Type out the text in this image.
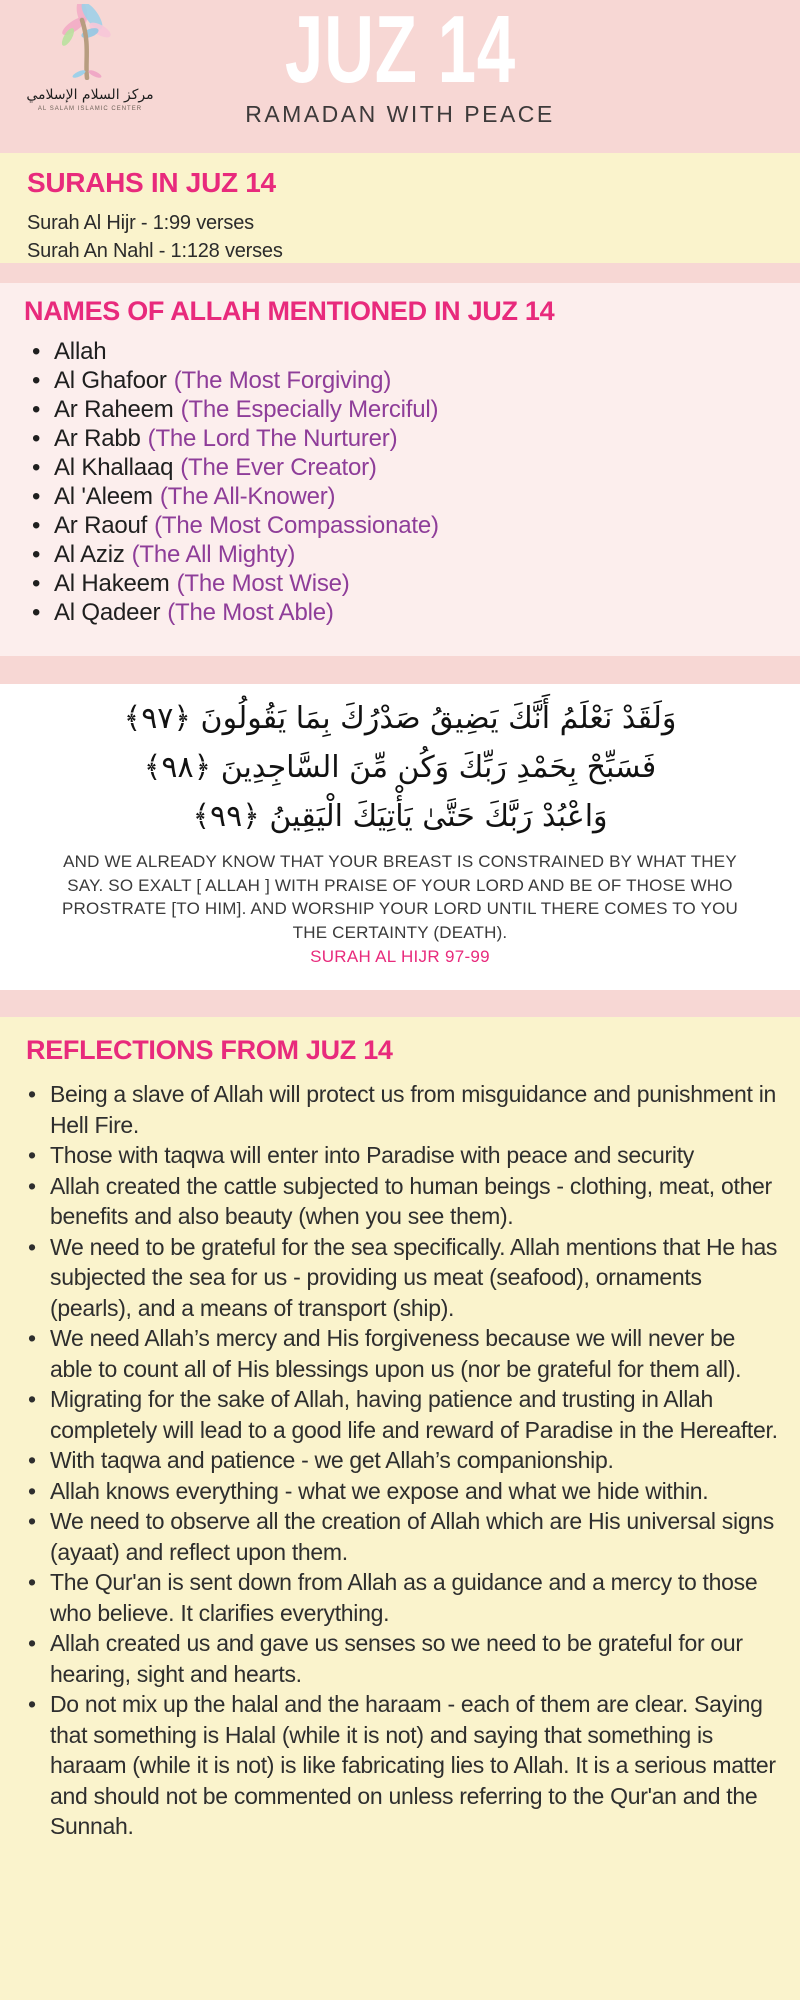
مركز السلام الإسلامي
AL SALAM ISLAMIC CENTER
JUZ 14
RAMADAN WITH PEACE
SURAHS IN JUZ 14
Surah Al Hijr - 1:99 verses
Surah An Nahl - 1:128 verses
NAMES OF ALLAH MENTIONED IN JUZ 14
• Allah
• Al Ghafoor (The Most Forgiving)
• Ar Raheem (The Especially Merciful)
• Ar Rabb (The Lord The Nurturer)
• Al Khallaaq (The Ever Creator)
• Al 'Aleem (The All-Knower)
• Ar Raouf (The Most Compassionate)
• Al Aziz (The All Mighty)
• Al Hakeem (The Most Wise)
• Al Qadeer (The Most Able)
وَلَقَدْ نَعْلَمُ أَنَّكَ يَضِيقُ صَدْرُكَ بِمَا يَقُولُونَ ﴿٩٧﴾
فَسَبِّحْ بِحَمْدِ رَبِّكَ وَكُن مِّنَ السَّاجِدِينَ ﴿٩٨﴾
وَاعْبُدْ رَبَّكَ حَتَّىٰ يَأْتِيَكَ الْيَقِينُ ﴿٩٩﴾
AND WE ALREADY KNOW THAT YOUR BREAST IS CONSTRAINED BY WHAT THEY SAY. SO EXALT [ ALLAH ] WITH PRAISE OF YOUR LORD AND BE OF THOSE WHO PROSTRATE [TO HIM]. AND WORSHIP YOUR LORD UNTIL THERE COMES TO YOU THE CERTAINTY (DEATH).
SURAH AL HIJR 97-99
REFLECTIONS FROM JUZ 14
• Being a slave of Allah will protect us from misguidance and punishment in Hell Fire.
• Those with taqwa will enter into Paradise with peace and security
• Allah created the cattle subjected to human beings - clothing, meat, other benefits and also beauty (when you see them).
• We need to be grateful for the sea specifically. Allah mentions that He has subjected the sea for us - providing us meat (seafood), ornaments (pearls), and a means of transport (ship).
• We need Allah’s mercy and His forgiveness because we will never be able to count all of His blessings upon us (nor be grateful for them all).
• Migrating for the sake of Allah, having patience and trusting in Allah completely will lead to a good life and reward of Paradise in the Hereafter.
• With taqwa and patience - we get Allah’s companionship.
• Allah knows everything - what we expose and what we hide within.
• We need to observe all the creation of Allah which are His universal signs (ayaat) and reflect upon them.
• The Qur'an is sent down from Allah as a guidance and a mercy to those who believe. It clarifies everything.
• Allah created us and gave us senses so we need to be grateful for our hearing, sight and hearts.
• Do not mix up the halal and the haraam - each of them are clear. Saying that something is Halal (while it is not) and saying that something is haraam (while it is not) is like fabricating lies to Allah. It is a serious matter and should not be commented on unless referring to the Qur'an and the Sunnah.
